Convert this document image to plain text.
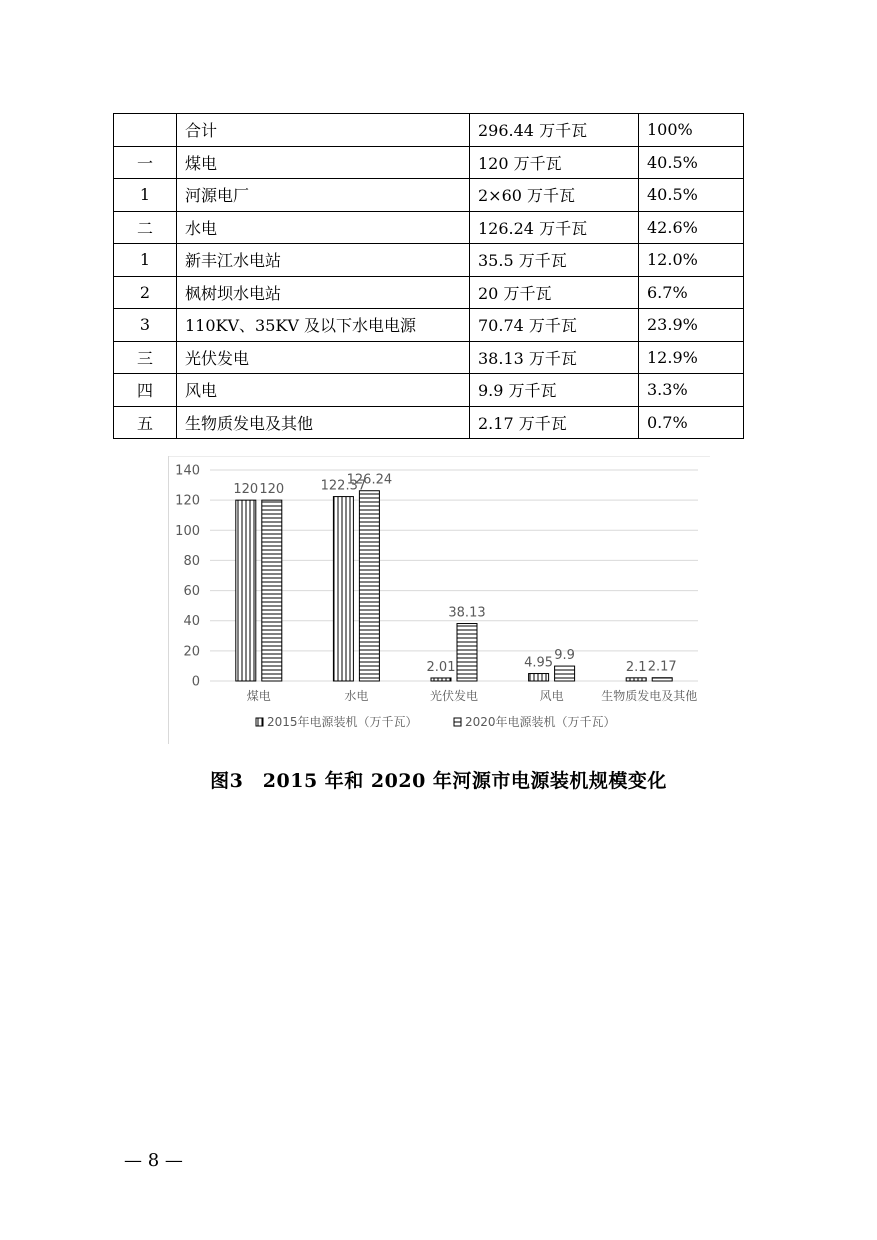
	合计	296.44 万千瓦	100%
一	煤电	120 万千瓦	40.5%
1	河源电厂	2×60 万千瓦	40.5%
二	水电	126.24 万千瓦	42.6%
1	新丰江水电站	35.5 万千瓦	12.0%
2	枫树坝水电站	20 万千瓦	6.7%
3	110KV、35KV 及以下水电电源	70.74 万千瓦	23.9%
三	光伏发电	38.13 万千瓦	12.9%
四	风电	9.9 万千瓦	3.3%
五	生物质发电及其他	2.17 万千瓦	0.7%
0
20
40
60
80
100
120
140
120 120	122.37
126.24
2.01
38.13
4.95 9.9
2.1 2.17
煤电	水电	光伏发电	风电	生物质发电及其他
2015年电源装机（万千瓦）	2020年电源装机（万千瓦）
图3　2015 年和 2020 年河源市电源装机规模变化
— 8 —
